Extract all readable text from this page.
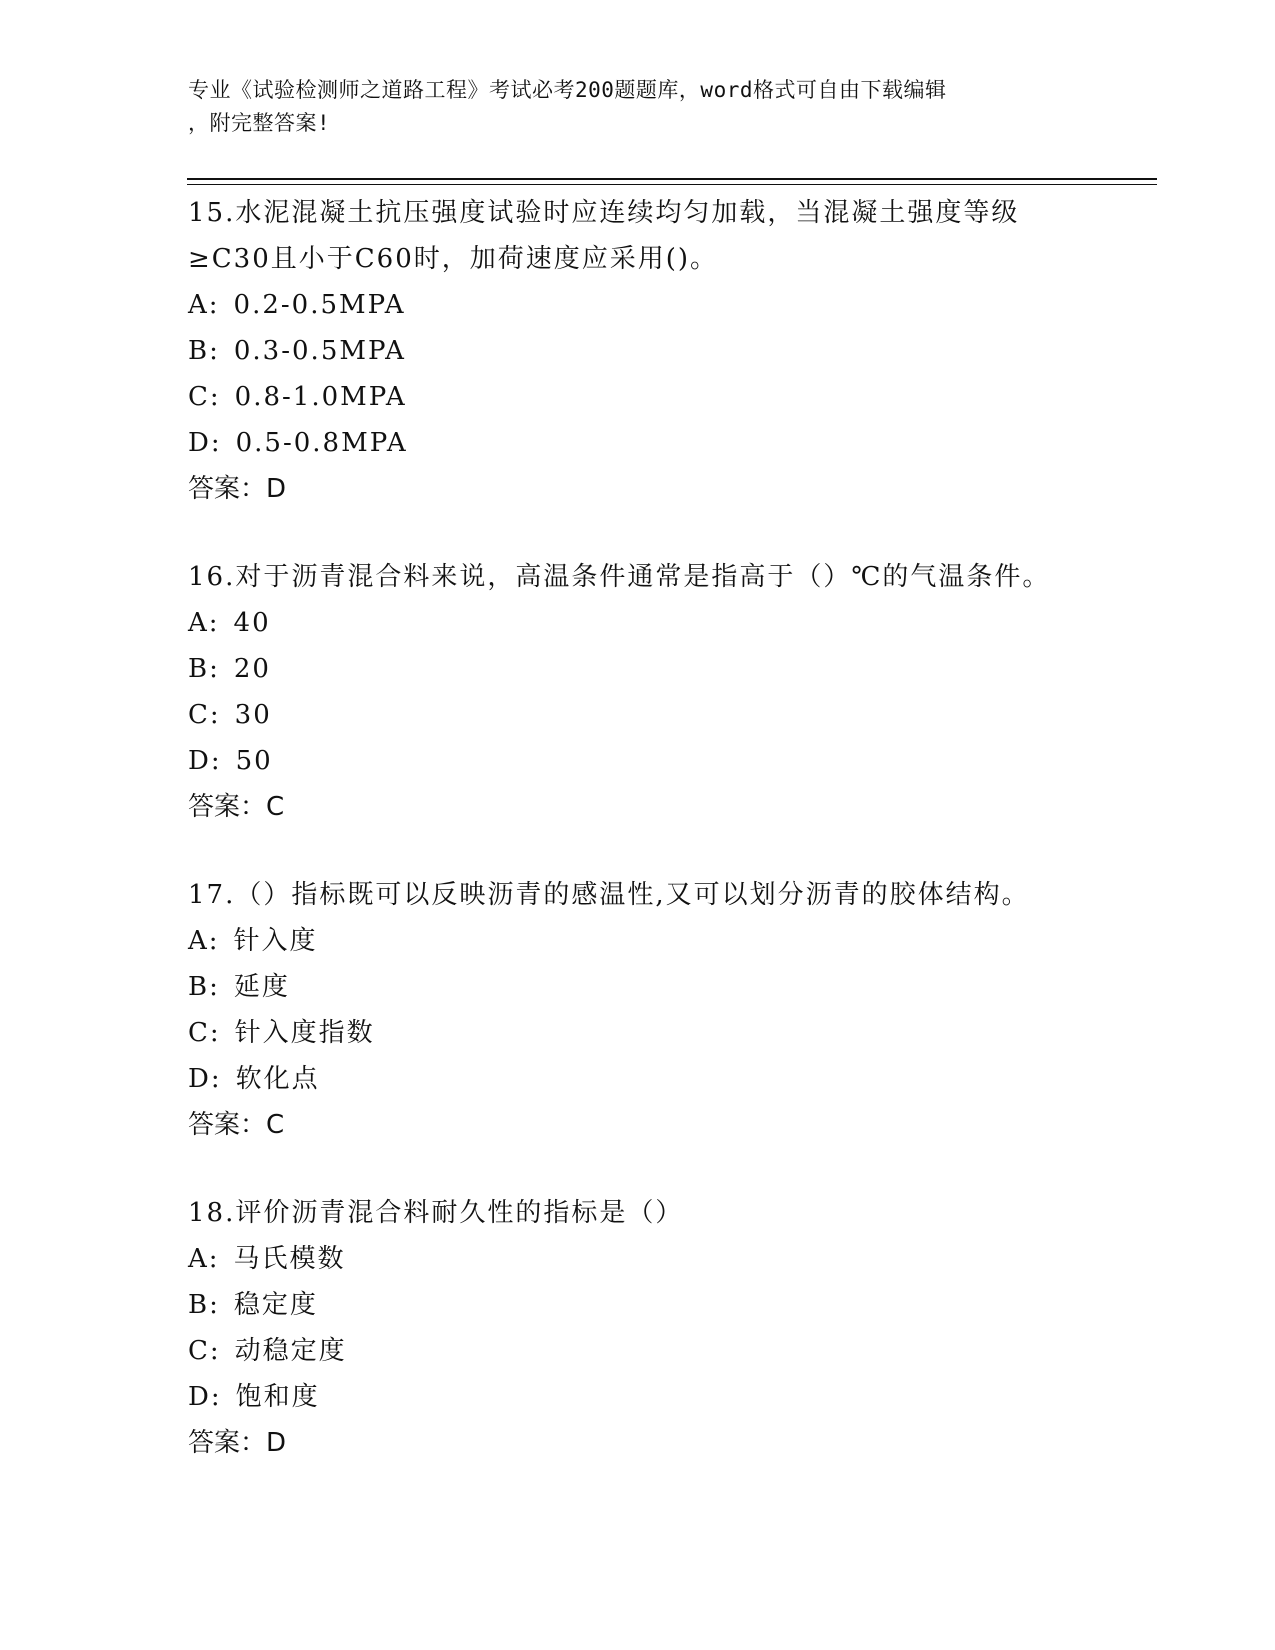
专业《试验检测师之道路工程》考试必考200题题库，word格式可自由下载编辑
，附完整答案!

15.水泥混凝土抗压强度试验时应连续均匀加载，当混凝土强度等级

≥C30且小于C60时，加荷速度应采用()。

A: 0.2-0.5MPA

B: 0.3-0.5MPA

C: 0.8-1.0MPA

D: 0.5-0.8MPA

答案：D

16.对于沥青混合料来说，高温条件通常是指高于（）℃的气温条件。

A: 40

B: 20

C: 30

D: 50

答案：C

17.（）指标既可以反映沥青的感温性,又可以划分沥青的胶体结构。

A: 针入度

B: 延度

C: 针入度指数

D: 软化点

答案：C

18.评价沥青混合料耐久性的指标是（）

A: 马氏模数

B: 稳定度

C: 动稳定度

D: 饱和度

答案：D
